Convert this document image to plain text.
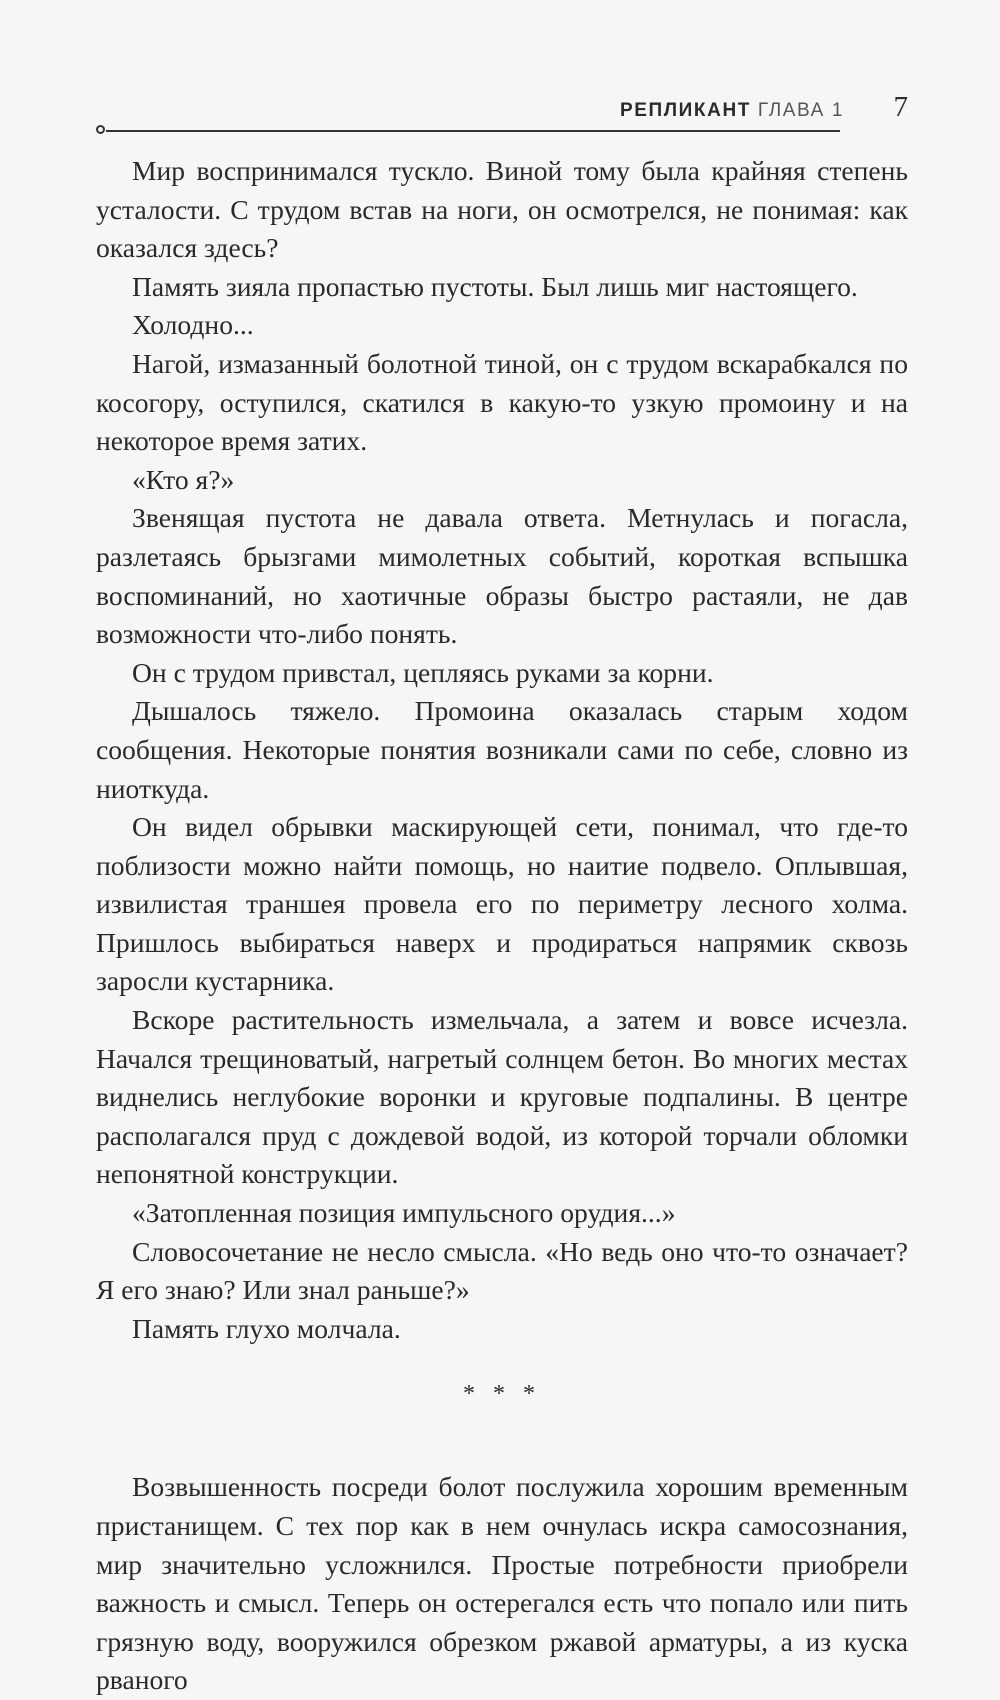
РЕПЛИКАНТ ГЛАВА 1 7

Мир воспринимался тускло. Виной тому была крайняя степень усталости. С трудом встав на ноги, он осмотрелся, не понимая: как оказался здесь?

Память зияла пропастью пустоты. Был лишь миг настоящего.

Холодно...

Нагой, измазанный болотной тиной, он с трудом вскарабкался по косогору, оступился, скатился в какую-то узкую промоину и на некоторое время затих.

«Кто я?»

Звенящая пустота не давала ответа. Метнулась и погасла, разлетаясь брызгами мимолетных событий, короткая вспышка воспоминаний, но хаотичные образы быстро растаяли, не дав возможности что-либо понять.

Он с трудом привстал, цепляясь руками за корни.

Дышалось тяжело. Промоина оказалась старым ходом сообщения. Некоторые понятия возникали сами по себе, словно из ниоткуда.

Он видел обрывки маскирующей сети, понимал, что где-то поблизости можно найти помощь, но наитие подвело. Оплывшая, извилистая траншея провела его по периметру лесного холма. Пришлось выбираться наверх и продираться напрямик сквозь заросли кустарника.

Вскоре растительность измельчала, а затем и вовсе исчезла. Начался трещиноватый, нагретый солнцем бетон. Во многих местах виднелись неглубокие воронки и круговые подпалины. В центре располагался пруд с дождевой водой, из которой торчали обломки непонятной конструкции.

«Затопленная позиция импульсного орудия...»

Словосочетание не несло смысла. «Но ведь оно что-то означает? Я его знаю? Или знал раньше?»

Память глухо молчала.

* * *

Возвышенность посреди болот послужила хорошим временным пристанищем. С тех пор как в нем очнулась искра самосознания, мир значительно усложнился. Простые потребности приобрели важность и смысл. Теперь он остерегался есть что попало или пить грязную воду, вооружился обрезком ржавой арматуры, а из куска рваного
